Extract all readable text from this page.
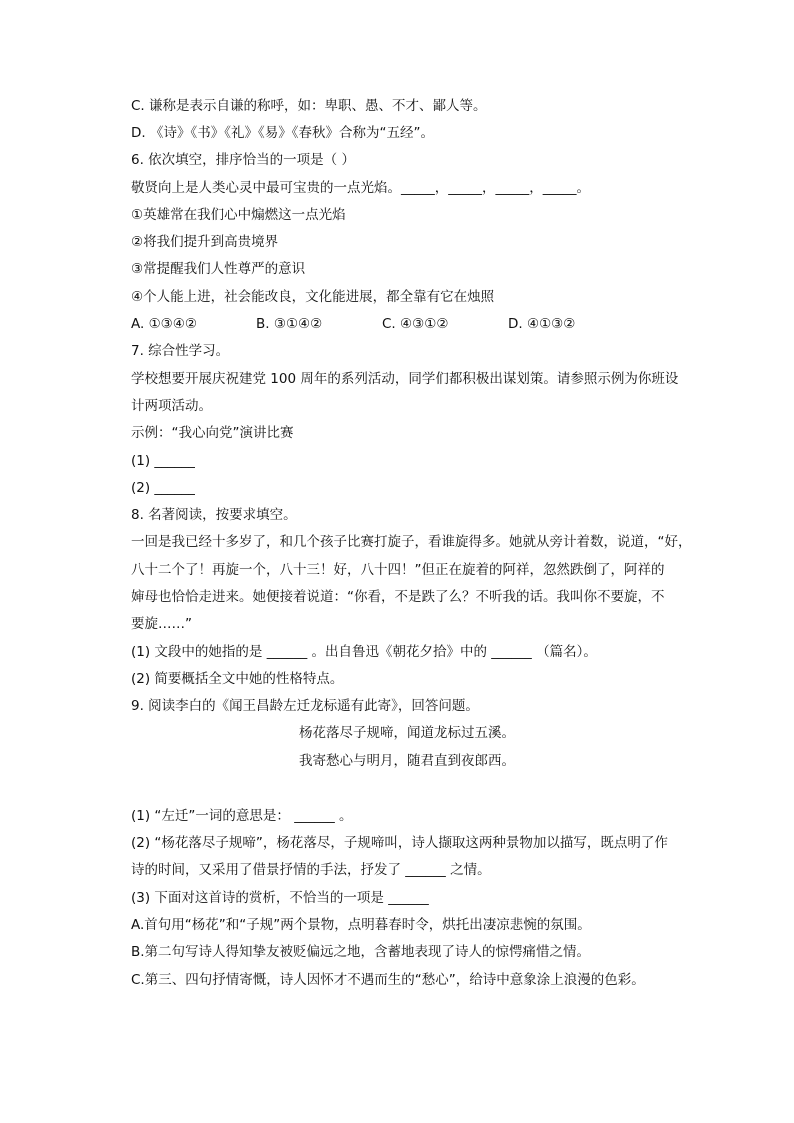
C. 谦称是表示自谦的称呼，如：卑职、愚、不才、鄙人等。
D. 《诗》《书》《礼》《易》《春秋》合称为“五经”。
6. 依次填空，排序恰当的一项是（ ）
敬贤向上是人类心灵中最可宝贵的一点光焰。_____，_____，_____，_____。
①英雄常在我们心中煽燃这一点光焰
②将我们提升到高贵境界
③常提醒我们人性尊严的意识
④个人能上进，社会能改良，文化能进展，都全靠有它在烛照
A. ①③④②	B. ③①④②	C. ④③①②	D. ④①③②
7. 综合性学习。
学校想要开展庆祝建党 100 周年的系列活动，同学们都积极出谋划策。请参照示例为你班设
计两项活动。
示例：“我心向党”演讲比赛
(1) ______
(2) ______
8. 名著阅读，按要求填空。
一回是我已经十多岁了，和几个孩子比赛打旋子，看谁旋得多。她就从旁计着数，说道，“好，
八十二个了！再旋一个，八十三！好，八十四！”但正在旋着的阿祥，忽然跌倒了，阿祥的
婶母也恰恰走进来。她便接着说道：“你看，不是跌了么？不听我的话。我叫你不要旋，不
要旋……”
(1) 文段中的她指的是 ______ 。出自鲁迅《朝花夕拾》中的 ______ （篇名）。
(2) 简要概括全文中她的性格特点。
9. 阅读李白的《闻王昌龄左迁龙标遥有此寄》，回答问题。
杨花落尽子规啼，闻道龙标过五溪。
我寄愁心与明月，随君直到夜郎西。
(1) “左迁”一词的意思是： ______ 。
(2) “杨花落尽子规啼”，杨花落尽，子规啼叫，诗人撷取这两种景物加以描写，既点明了作
诗的时间，又采用了借景抒情的手法，抒发了 ______ 之情。
(3) 下面对这首诗的赏析，不恰当的一项是 ______
A.首句用“杨花”和“子规”两个景物，点明暮春时令，烘托出凄凉悲惋的氛围。
B.第二句写诗人得知挚友被贬偏远之地，含蓄地表现了诗人的惊愕痛惜之情。
C.第三、四句抒情寄慨，诗人因怀才不遇而生的“愁心”，给诗中意象涂上浪漫的色彩。
